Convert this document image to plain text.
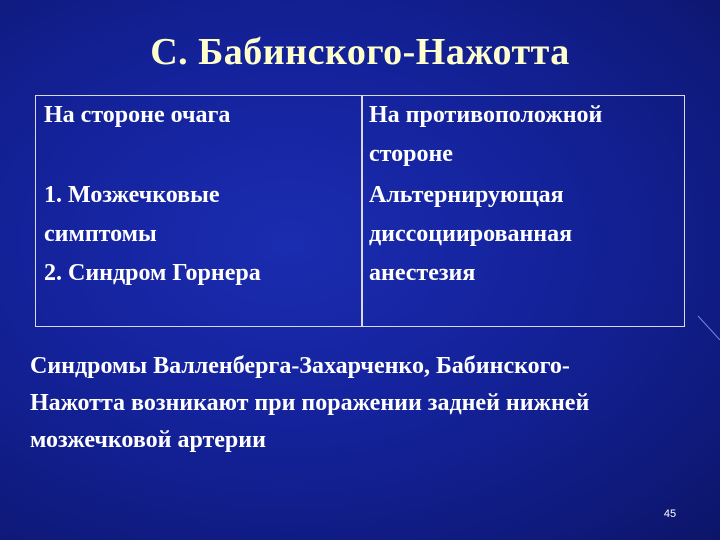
С. Бабинского-Нажотта
На стороне очага	На противоположной
стороне
1. Мозжечковые
симптомы
2. Синдром Горнера
Альтернирующая
диссоциированная
анестезия
Синдромы Валленберга-Захарченко, Бабинского-
Нажотта возникают при поражении задней нижней
мозжечковой артерии
45
